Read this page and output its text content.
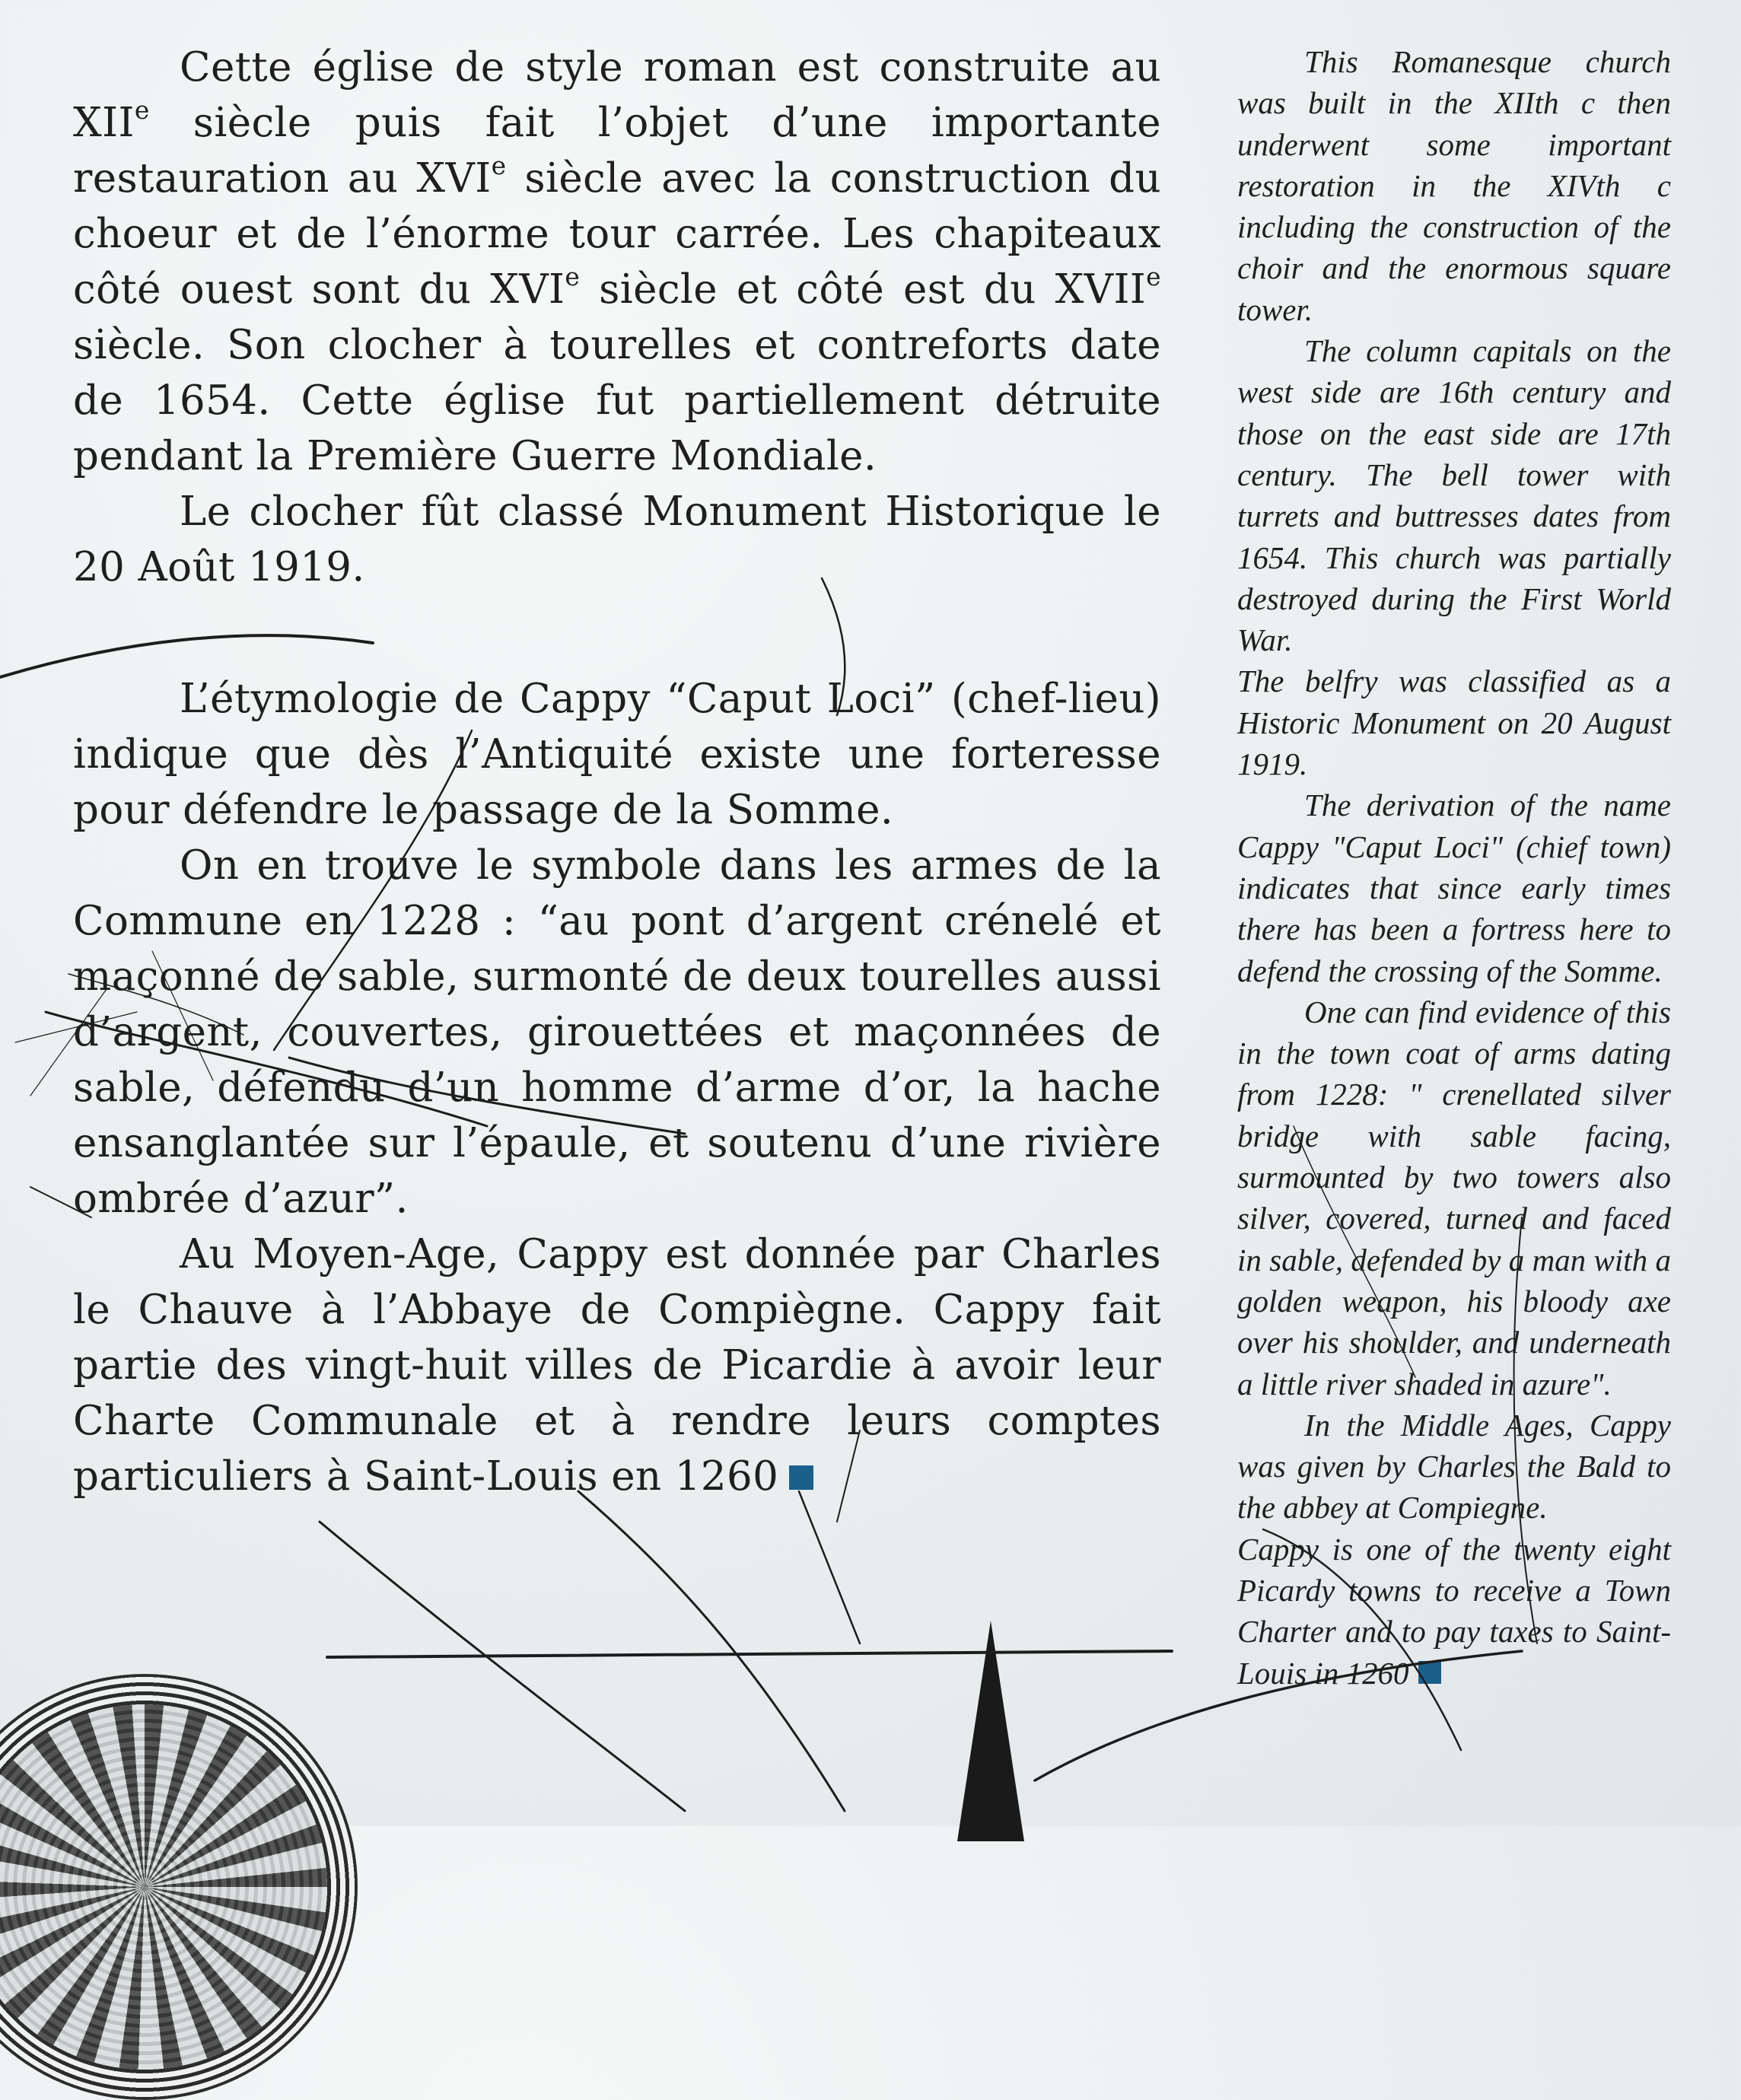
Cette église de style roman est construite au XIIe siècle puis fait l’objet d’une importante restauration au XVIe siècle avec la construction du choeur et de l’énorme tour carrée. Les chapiteaux côté ouest sont du XVIe siècle et côté est du XVIIe siècle. Son clocher à tourelles et contreforts date de 1654. Cette église fut partiellement détruite pendant la Première Guerre Mondiale.

Le clocher fût classé Monument Historique le 20 Août 1919.

L’étymologie de Cappy “Caput Loci” (chef-lieu) indique que dès l’Antiquité existe une forteresse pour défendre le passage de la Somme.

On en trouve le symbole dans les armes de la Commune en 1228 : “au pont d’argent crénelé et maçonné de sable, surmonté de deux tourelles aussi d’argent, couvertes, girouettées et maçonnées de sable, défendu d’un homme d’arme d’or, la hache ensanglantée sur l’épaule, et soutenu d’une rivière ombrée d’azur”.

Au Moyen-Age, Cappy est donnée par Charles le Chauve à l’Abbaye de Compiègne. Cappy fait partie des vingt-huit villes de Picardie à avoir leur Charte Communale et à rendre leurs comptes particuliers à Saint-Louis en 1260

This Romanesque church was built in the XIIth c then underwent some important restoration in the XIVth c including the construction of the choir and the enormous square tower.

The column capitals on the west side are 16th century and those on the east side are 17th century. The bell tower with turrets and buttresses dates from 1654. This church was partially destroyed during the First World War.

The belfry was classified as a Historic Monument on 20 August 1919.

The derivation of the name Cappy "Caput Loci" (chief town) indicates that since early times there has been a fortress here to defend the crossing of the Somme.

One can find evidence of this in the town coat of arms dating from 1228: " crenellated silver bridge with sable facing, surmounted by two towers also silver, covered, turned and faced in sable, defended by a man with a golden weapon, his bloody axe over his shoulder, and underneath a little river shaded in azure".

In the Middle Ages, Cappy was given by Charles the Bald to the abbey at Compiegne.

Cappy is one of the twenty eight Picardy towns to receive a Town Charter and to pay taxes to Saint-Louis in 1260
